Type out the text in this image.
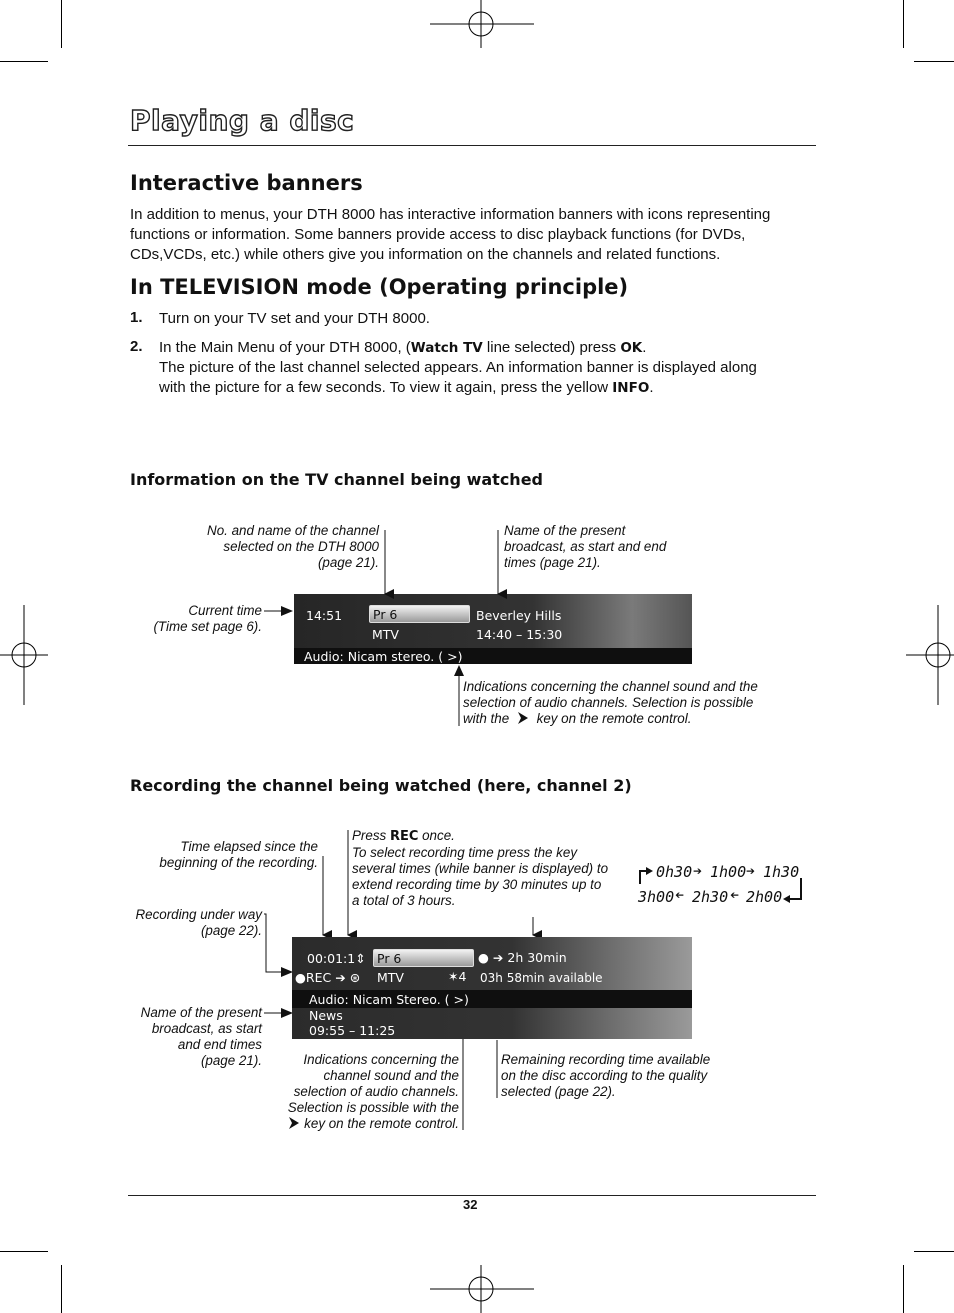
Playing a disc
Interactive banners
In addition to menus, your DTH 8000 has interactive information banners with icons representing
functions or information. Some banners provide access to disc playback functions (for DVDs,
CDs,VCDs, etc.) while others give you information on the channels and related functions.
In TELEVISION mode (Operating principle)
1. Turn on your TV set and your DTH 8000.
2. In the Main Menu of your DTH 8000, (Watch TV line selected) press OK.
The picture of the last channel selected appears. An information banner is displayed along
with the picture for a few seconds. To view it again, press the yellow INFO.
Information on the TV channel being watched
No. and name of the channel
selected on the DTH 8000
(page 21).
Name of the present
broadcast, as start and end
times (page 21).
Current time
(Time set page 6).
14:51 Pr 6
MTV
Beverley Hills
14:40 – 15:30
Audio: Nicam stereo. ( >)
Indications concerning the channel sound and the
selection of audio channels. Selection is possible
with the key on the remote control.
Recording the channel being watched (here, channel 2)
Time elapsed since the
beginning of the recording.
Press REC once.
To select recording time press the key
several times (while banner is displayed) to
extend recording time by 30 minutes up to
a total of 3 hours.
0h30 ➔ 1h00 ➔ 1h30
3h00 ➔ 2h30 ➔ 2h00
Recording under way
(page 22).
00:01:1⇕ Pr 6	● ➔ 2h 30min
●REC ➔ ⊛ MTV	✶4 03h 58min available
Audio: Nicam Stereo. ( >)
News
09:55 – 11:25
Name of the present
broadcast, as start
and end times
(page 21).	Indications concerning the
channel sound and the
selection of audio channels.
Selection is possible with the
key on the remote control.
Remaining recording time available
on the disc according to the quality
selected (page 22).
32
